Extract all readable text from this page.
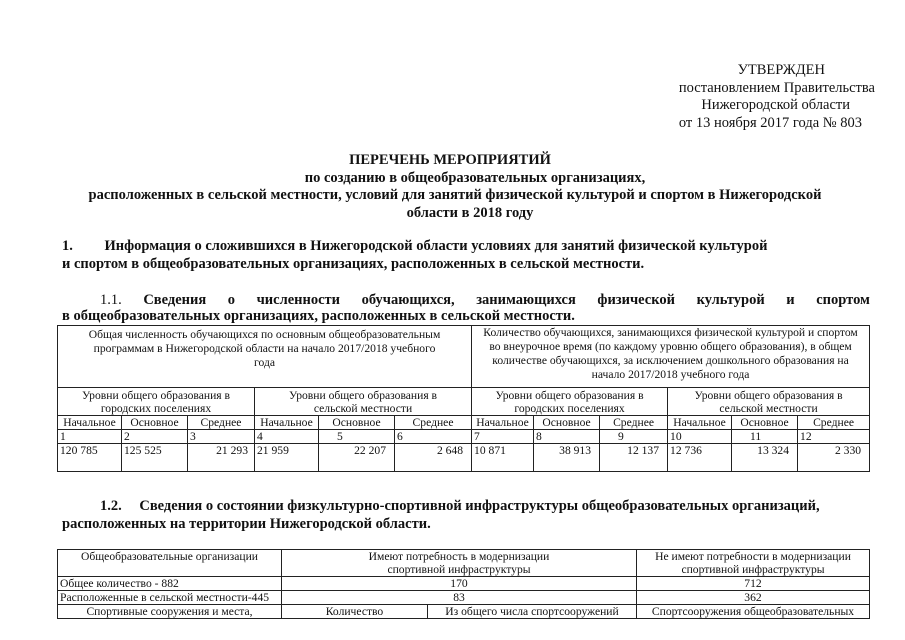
УТВЕРЖДЕН
постановлением Правительства
Нижегородской области
от 13 ноября 2017 года № 803
ПЕРЕЧЕНЬ МЕРОПРИЯТИЙ
по созданию в общеобразовательных организациях,
расположенных в сельской местности, условий для занятий физической культурой и спортом в Нижегородской
области в 2018 году
1. Информация о сложившихся в Нижегородской области условиях для занятий физической культурой
и спортом в общеобразовательных организациях, расположенных в сельской местности.
1.1. Сведения о численности обучающихся, занимающихся физической культурой и спортом
в общеобразовательных организациях, расположенных в сельской местности.
Общая численность обучающихся по основным общеобразовательным программам в Нижегородской области на начало 2017/2018 учебного года						Количество обучающихся, занимающихся физической культурой и спортом во внеурочное время (по каждому уровню общего образования), в общем количестве обучающихся, за исключением дошкольного образования на начало 2017/2018 учебного года					
Уровни общего образования в городских поселениях			Уровни общего образования в сельской местности			Уровни общего образования в городских поселениях			Уровни общего образования в сельской местности		
Начальное	Основное	Среднее	Начальное	Основное	Среднее	Начальное	Основное	Среднее	Начальное	Основное	Среднее
1	2	3	4	5	6	7	8	9	10	11	12
120 785	125 525	21 293	21 959	22 207	2 648	10 871	38 913	12 137	12 736	13 324	2 330
1.2. Сведения о состоянии физкультурно-спортивной инфраструктуры общеобразовательных организаций,
расположенных на территории Нижегородской области.
Общеобразовательные организации	Имеют потребность в модернизации спортивной инфраструктуры		Не имеют потребности в модернизации спортивной инфраструктуры
Общее количество - 882	170		712
Расположенные в сельской местности-445	83		362
Спортивные сооружения и места,	Количество	Из общего числа спортсооружений	Спортсооружения общеобразовательных
